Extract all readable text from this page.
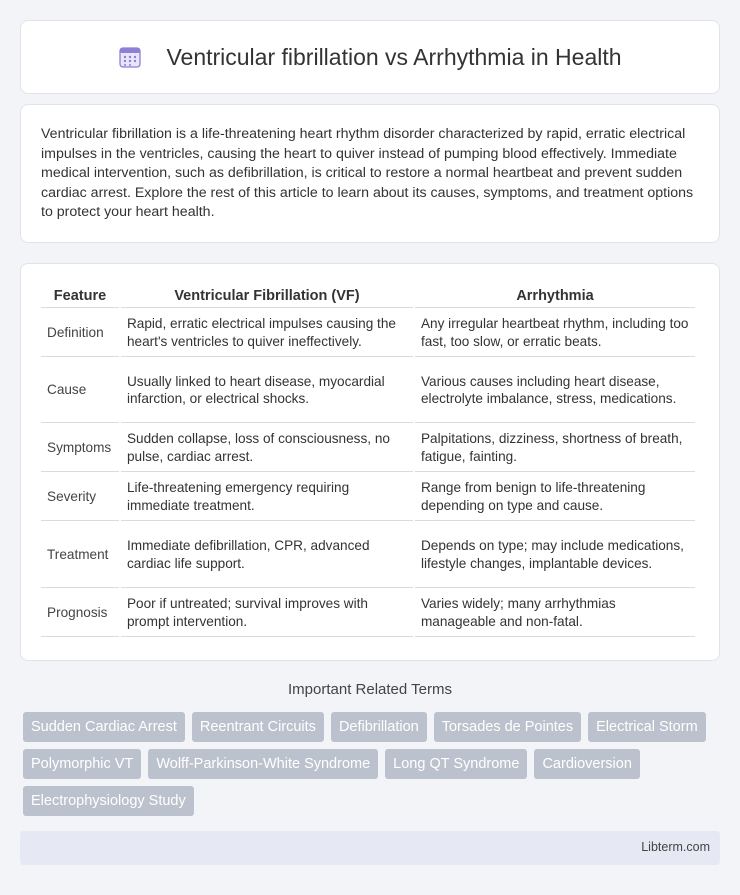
Ventricular fibrillation vs Arrhythmia in Health

Ventricular fibrillation is a life-threatening heart rhythm disorder characterized by rapid, erratic electrical impulses in the ventricles, causing the heart to quiver instead of pumping blood effectively. Immediate medical intervention, such as defibrillation, is critical to restore a normal heartbeat and prevent sudden cardiac arrest. Explore the rest of this article to learn about its causes, symptoms, and treatment options to protect your heart health.

Feature	Ventricular Fibrillation (VF)	Arrhythmia
Definition	Rapid, erratic electrical impulses causing the heart's ventricles to quiver ineffectively.	Any irregular heartbeat rhythm, including too fast, too slow, or erratic beats.
Cause	Usually linked to heart disease, myocardial infarction, or electrical shocks.	Various causes including heart disease, electrolyte imbalance, stress, medications.
Symptoms	Sudden collapse, loss of consciousness, no pulse, cardiac arrest.	Palpitations, dizziness, shortness of breath, fatigue, fainting.
Severity	Life-threatening emergency requiring immediate treatment.	Range from benign to life-threatening depending on type and cause.
Treatment	Immediate defibrillation, CPR, advanced cardiac life support.	Depends on type; may include medications, lifestyle changes, implantable devices.
Prognosis	Poor if untreated; survival improves with prompt intervention.	Varies widely; many arrhythmias manageable and non-fatal.
Important Related Terms
Sudden Cardiac Arrest	Reentrant Circuits	Defibrillation	Torsades de Pointes	Electrical Storm
Polymorphic VT	Wolff-Parkinson-White Syndrome	Long QT Syndrome	Cardioversion
Electrophysiology Study
Libterm.com
